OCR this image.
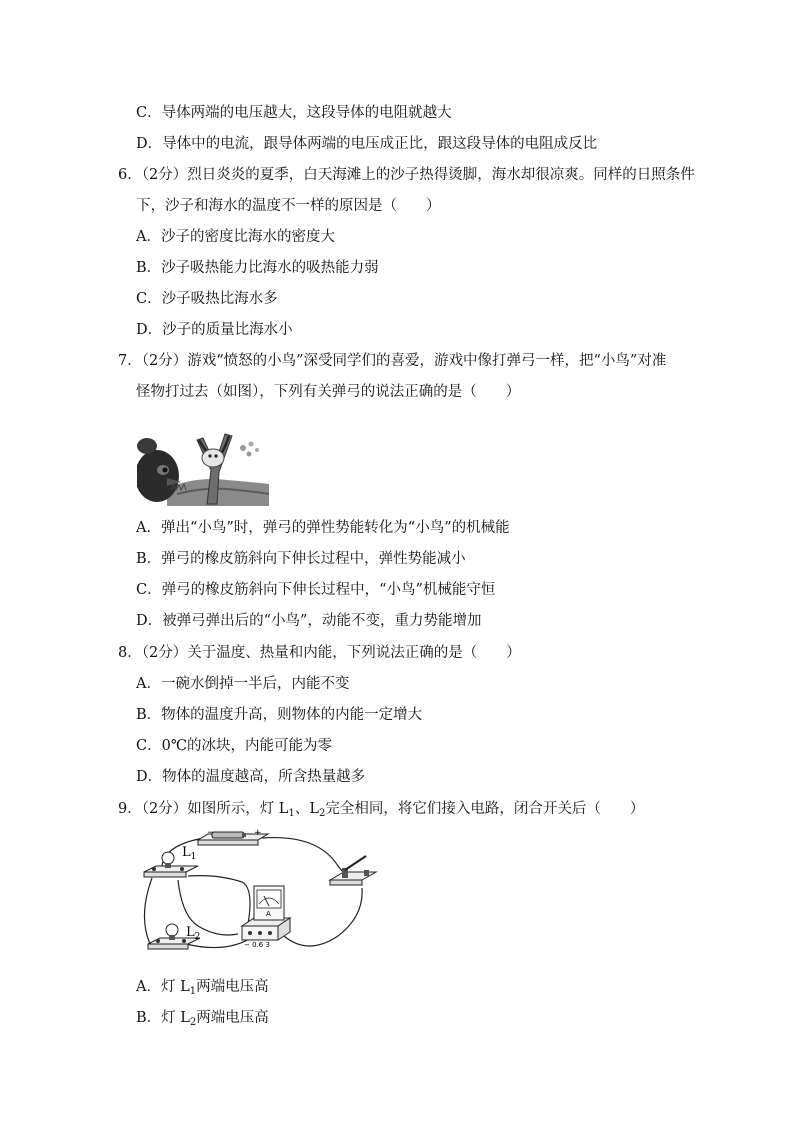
C．导体两端的电压越大，这段导体的电阻就越大
D．导体中的电流，跟导体两端的电压成正比，跟这段导体的电阻成反比
6．（2分）烈日炎炎的夏季，白天海滩上的沙子热得烫脚，海水却很凉爽。同样的日照条件
下，沙子和海水的温度不一样的原因是（　　）
A．沙子的密度比海水的密度大
B．沙子吸热能力比海水的吸热能力弱
C．沙子吸热比海水多
D．沙子的质量比海水小
7．（2分）游戏“愤怒的小鸟”深受同学们的喜爱，游戏中像打弹弓一样，把“小鸟”对准
怪物打过去（如图），下列有关弹弓的说法正确的是（　　）
A．弹出“小鸟”时，弹弓的弹性势能转化为“小鸟”的机械能
B．弹弓的橡皮筋斜向下伸长过程中，弹性势能减小
C．弹弓的橡皮筋斜向下伸长过程中，“小鸟”机械能守恒
D．被弹弓弹出后的“小鸟”，动能不变，重力势能增加
8．（2分）关于温度、热量和内能，下列说法正确的是（　　）
A．一碗水倒掉一半后，内能不变
B．物体的温度升高，则物体的内能一定增大
C．0℃的冰块，内能可能为零
D．物体的温度越高，所含热量越多
9．（2分）如图所示，灯 $L_1$、$L_2$完全相同，将它们接入电路，闭合开关后（　　）
−	+
$L_1$
$L_2$
A
− 0.6 3
A．灯 $L_1$两端电压高
B．灯 $L_2$两端电压高
